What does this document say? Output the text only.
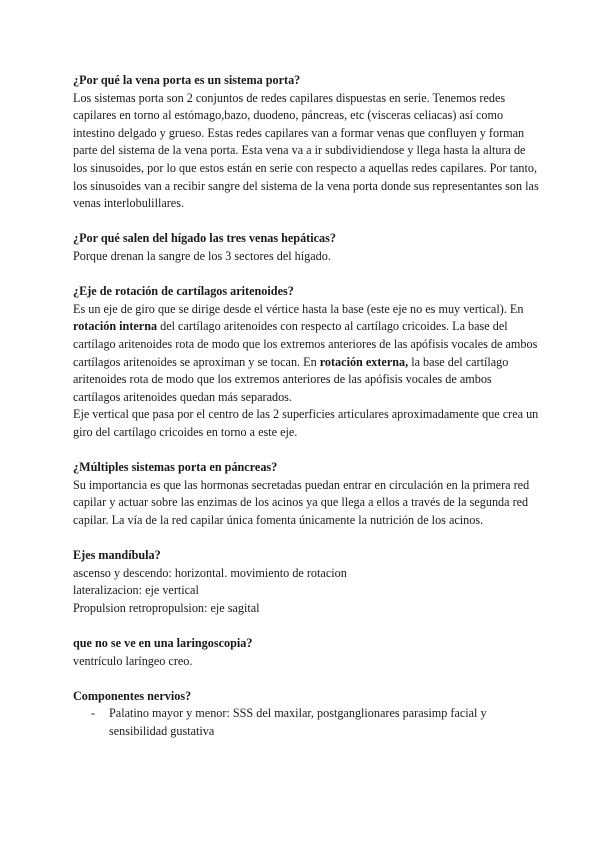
¿Por qué la vena porta es un sistema porta?

Los sistemas porta son 2 conjuntos de redes capilares dispuestas en serie. Tenemos redes capilares en torno al estómago,bazo, duodeno, páncreas, etc (visceras celiacas) así como intestino delgado y grueso. Estas redes capilares van a formar venas que confluyen y forman parte del sistema de la vena porta. Esta vena va a ir subdividiendose y llega hasta la altura de los sinusoides, por lo que estos están en serie con respecto a aquellas redes capilares. Por tanto, los sinusoides van a recibir sangre del sistema de la vena porta donde sus representantes son las venas interlobulillares.

¿Por qué salen del hígado las tres venas hepáticas?

Porque drenan la sangre de los 3 sectores del hígado.

¿Eje de rotación de cartílagos aritenoides?

Es un eje de giro que se dirige desde el vértice hasta la base (este eje no es muy vertical). En rotación interna del cartílago aritenoides con respecto al cartílago cricoides. La base del cartílago aritenoides rota de modo que los extremos anteriores de las apófisis vocales de ambos cartílagos aritenoides se aproximan y se tocan. En rotación externa, la base del cartílago aritenoides rota de modo que los extremos anteriores de las apófisis vocales de ambos cartílagos aritenoides quedan más separados.

Eje vertical que pasa por el centro de las 2 superficies articulares aproximadamente que crea un giro del cartílago cricoides en torno a este eje.

¿Múltiples sistemas porta en páncreas?

Su importancia es que las hormonas secretadas puedan entrar en circulación en la primera red capilar y actuar sobre las enzimas de los acinos ya que llega a ellos a través de la segunda red capilar. La vía de la red capilar única fomenta únicamente la nutrición de los acinos.

Ejes mandíbula?
ascenso y descendo: horizontal. movimiento de rotacion
lateralizacion: eje vertical
Propulsion retropropulsion: eje sagital
que no se ve en una laringoscopia?

ventrículo laríngeo creo.

Componentes nervios?
- Palatino mayor y menor: SSS del maxilar, postganglionares parasimp facial y sensibilidad gustativa
